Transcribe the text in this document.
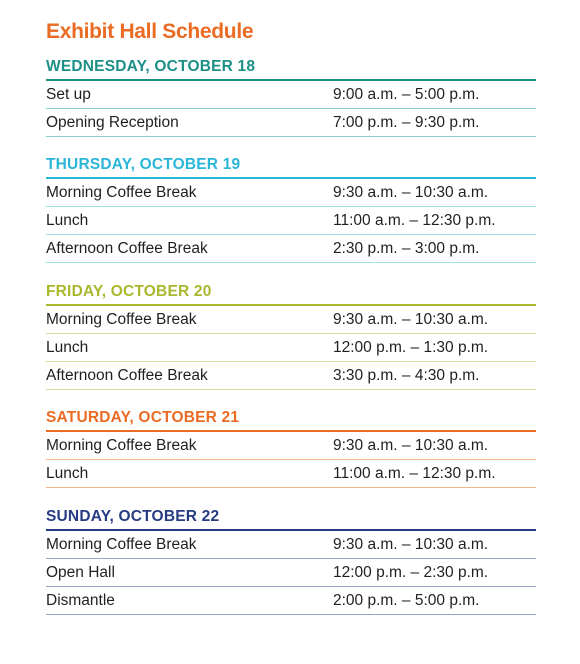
Exhibit Hall Schedule
WEDNESDAY, OCTOBER 18
Set up	9:00 a.m. – 5:00 p.m.
Opening Reception	7:00 p.m. – 9:30 p.m.
THURSDAY, OCTOBER 19
Morning Coffee Break	9:30 a.m. – 10:30 a.m.
Lunch	11:00 a.m. – 12:30 p.m.
Afternoon Coffee Break	2:30 p.m. – 3:00 p.m.
FRIDAY, OCTOBER 20
Morning Coffee Break	9:30 a.m. – 10:30 a.m.
Lunch	12:00 p.m. – 1:30 p.m.
Afternoon Coffee Break	3:30 p.m. – 4:30 p.m.
SATURDAY, OCTOBER 21
Morning Coffee Break	9:30 a.m. – 10:30 a.m.
Lunch	11:00 a.m. – 12:30 p.m.
SUNDAY, OCTOBER 22
Morning Coffee Break	9:30 a.m. – 10:30 a.m.
Open Hall	12:00 p.m. – 2:30 p.m.
Dismantle	2:00 p.m. – 5:00 p.m.
